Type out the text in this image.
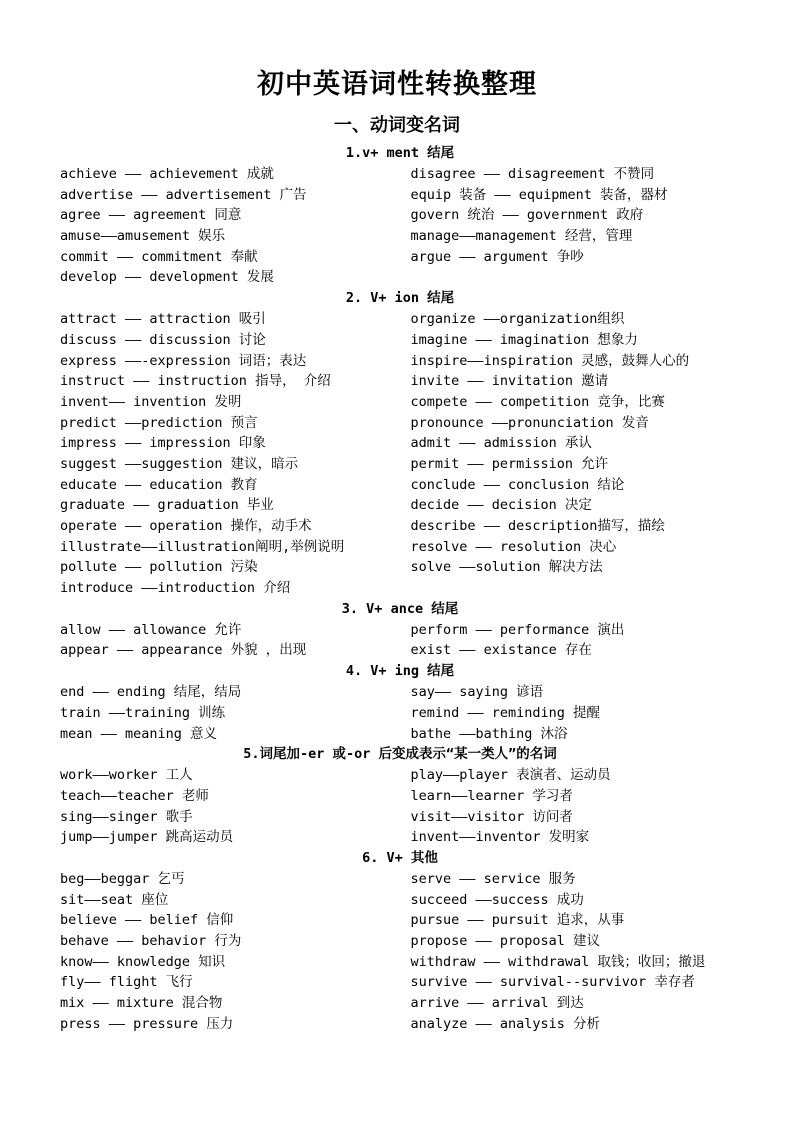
初中英语词性转换整理
一、动词变名词
1.v+ ment 结尾
achieve —— achievement 成就	disagree —— disagreement 不赞同
advertise —— advertisement 广告	equip 装备 —— equipment 装备，器材
agree —— agreement 同意	govern 统治 —— government 政府
amuse——amusement 娱乐	manage——management 经营，管理
commit —— commitment 奉献	argue —— argument 争吵
develop —— development 发展
2. V+ ion 结尾
attract —— attraction 吸引	organize ——organization组织
discuss —— discussion 讨论	imagine —— imagination 想象力
express ——-expression 词语；表达	inspire——inspiration 灵感，鼓舞人心的
instruct —— instruction 指导， 介绍	invite —— invitation 邀请
invent—— invention 发明	compete —— competition 竞争，比赛
predict ——prediction 预言	pronounce ——pronunciation 发音
impress —— impression 印象	admit —— admission 承认
suggest ——suggestion 建议，暗示	permit —— permission 允许
educate —— education 教育	conclude —— conclusion 结论
graduate —— graduation 毕业	decide —— decision 决定
operate —— operation 操作，动手术	describe —— description描写，描绘
illustrate——illustration阐明,举例说明	resolve —— resolution 决心
pollute —— pollution 污染	solve ——solution 解决方法
introduce ——introduction 介绍
3. V+ ance 结尾
allow —— allowance 允许	perform —— performance 演出
appear —— appearance 外貌 ，出现	exist —— existance 存在
4. V+ ing 结尾
end —— ending 结尾，结局	say—— saying 谚语
train ——training 训练	remind —— reminding 提醒
mean —— meaning 意义	bathe ——bathing 沐浴
5.词尾加-er 或-or 后变成表示“某一类人”的名词
work——worker 工人	play——player 表演者、运动员
teach——teacher 老师	learn——learner 学习者
sing——singer 歌手	visit——visitor 访问者
jump——jumper 跳高运动员	invent——inventor 发明家
6. V+ 其他
beg——beggar 乞丐	serve —— service 服务
sit——seat 座位	succeed ——success 成功
believe —— belief 信仰	pursue —— pursuit 追求，从事
behave —— behavior 行为	propose —— proposal 建议
know—— knowledge 知识	withdraw —— withdrawal 取钱；收回；撤退
fly—— flight 飞行	survive —— survival--survivor 幸存者
mix —— mixture 混合物	arrive —— arrival 到达
press —— pressure 压力	analyze —— analysis 分析
